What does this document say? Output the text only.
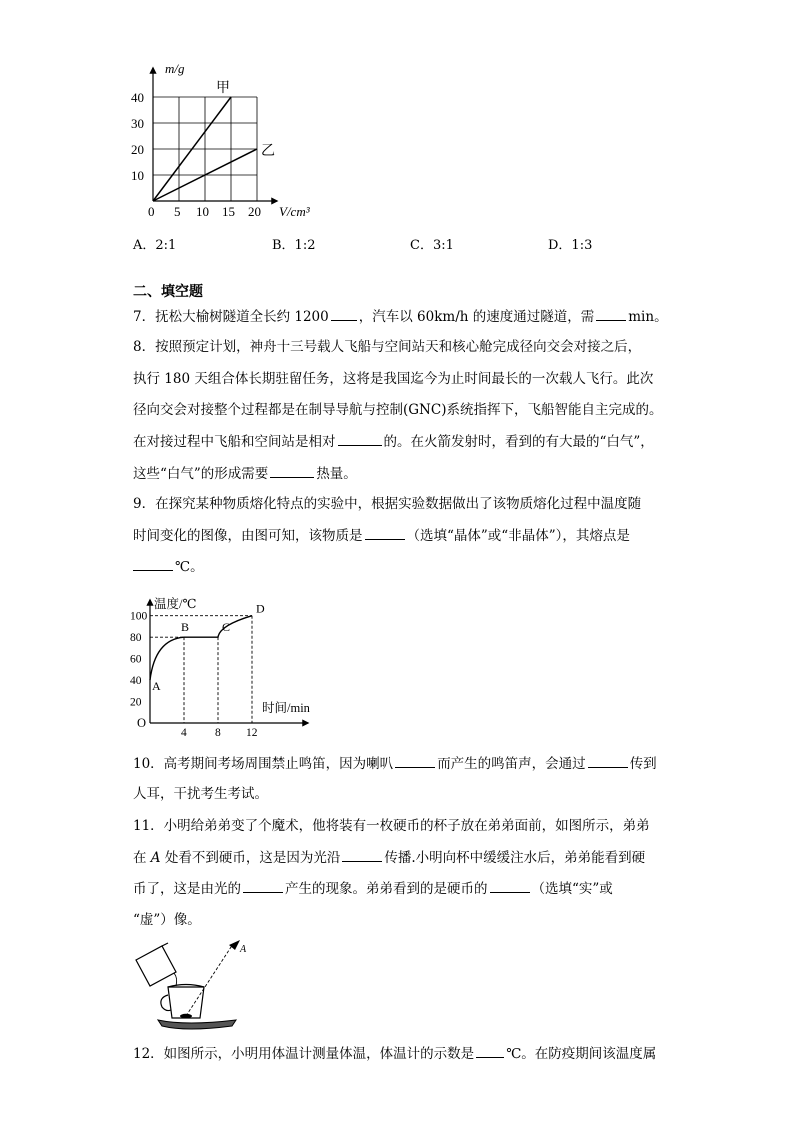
m/g
V/cm³
0
10
20
30
40
5 10 15 20
甲
乙
A．2:1	B．1:2	C．3:1	D．1:3
二、填空题
7．抚松大榆树隧道全长约 1200 ，汽车以 60km/h 的速度通过隧道，需	min。
8．按照预定计划，神舟十三号载人飞船与空间站天和核心舱完成径向交会对接之后，
执行 180 天组合体长期驻留任务，这将是我国迄今为止时间最长的一次载人飞行。此次
径向交会对接整个过程都是在制导导航与控制(GNC)系统指挥下，飞船智能自主完成的。
在对接过程中飞船和空间站是相对	的。在火箭发射时，看到的有大最的“白气”，
这些“白气”的形成需要	热量。
9．在探究某种物质熔化特点的实验中，根据实验数据做出了该物质熔化过程中温度随
时间变化的图像，由图可知，该物质是	（选填“晶体”或“非晶体”），其熔点是
℃。
温度/℃
时间/min
O
20
40
60
80
100
4 8 12
A
B	C
D
10．高考期间考场周围禁止鸣笛，因为喇叭	而产生的鸣笛声，会通过	传到
人耳，干扰考生考试。
11．小明给弟弟变了个魔术，他将装有一枚硬币的杯子放在弟弟面前，如图所示，弟弟
在 A 处看不到硬币，这是因为光沿	传播.小明向杯中缓缓注水后，弟弟能看到硬
币了，这是由光的	产生的现象。弟弟看到的是硬币的	（选填“实”或
“虚”）像。
A
12．如图所示，小明用体温计测量体温，体温计的示数是 ℃。在防疫期间该温度属
